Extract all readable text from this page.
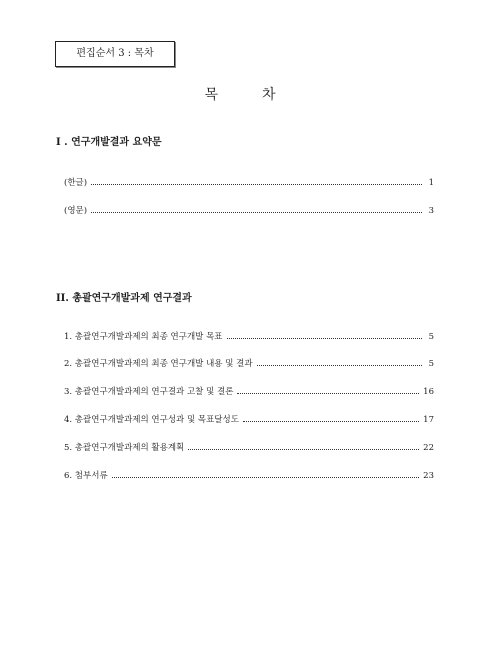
편집순서 3 : 목차
목	차
I . 연구개발결과 요약문
(한글)	1
(영문)	3
II. 총괄연구개발과제 연구결과
1. 총괄연구개발과제의 최종 연구개발 목표	5
2. 총괄연구개발과제의 최종 연구개발 내용 및 결과	5
3. 총괄연구개발과제의 연구결과 고찰 및 결론	16
4. 총괄연구개발과제의 연구성과 및 목표달성도	17
5. 총괄연구개발과제의 활용계획	22
6. 첨부서류	23
